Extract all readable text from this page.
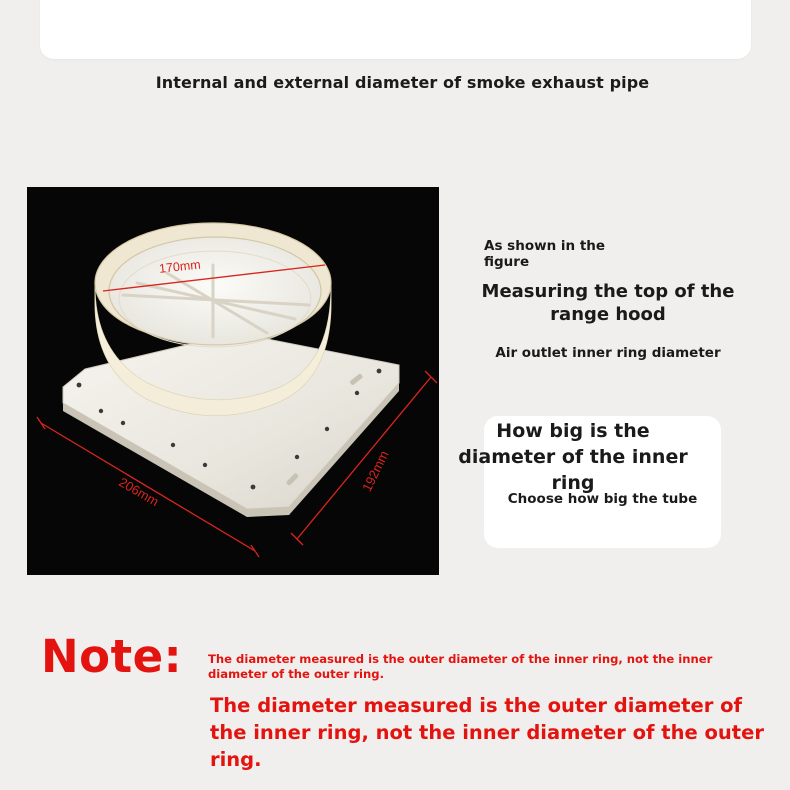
Internal and external diameter of smoke exhaust pipe
170mm
206mm	192mm
As shown in the figure
Measuring the top of the range hood
Air outlet inner ring diameter
How big is the diameter of the inner ring
Choose how big the tube
Note: The diameter measured is the outer diameter of the inner ring, not the inner diameter of the outer ring.
The diameter measured is the outer diameter of the inner ring, not the inner diameter of the outer ring.
